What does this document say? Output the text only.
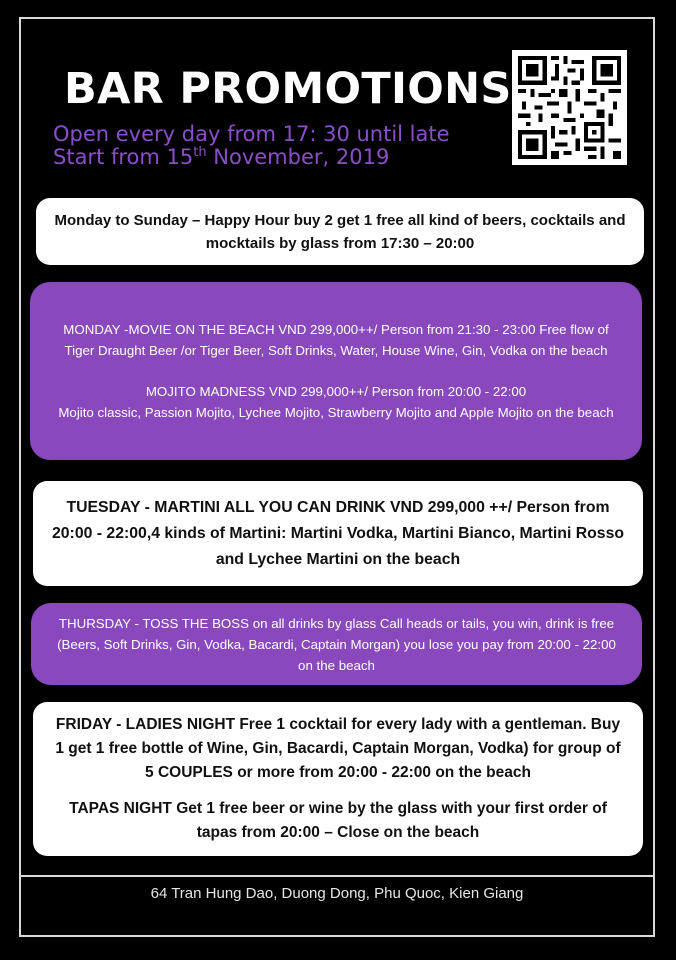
BAR PROMOTIONS
Open every day from 17: 30 until late
Start from 15th November, 2019

Monday to Sunday – Happy Hour buy 2 get 1 free all kind of beers, cocktails and mocktails by glass from 17:30 – 20:00

MONDAY -MOVIE ON THE BEACH VND 299,000++/ Person from 21:30 - 23:00 Free flow of Tiger Draught Beer /or Tiger Beer, Soft Drinks, Water, House Wine, Gin, Vodka on the beach

MOJITO MADNESS VND 299,000++/ Person from 20:00 - 22:00

Mojito classic, Passion Mojito, Lychee Mojito, Strawberry Mojito and Apple Mojito on the beach

TUESDAY - MARTINI ALL YOU CAN DRINK VND 299,000 ++/ Person from 20:00 - 22:00,4 kinds of Martini: Martini Vodka, Martini Bianco, Martini Rosso and Lychee Martini on the beach

THURSDAY - TOSS THE BOSS on all drinks by glass Call heads or tails, you win, drink is free (Beers, Soft Drinks, Gin, Vodka, Bacardi, Captain Morgan) you lose you pay from 20:00 - 22:00 on the beach

FRIDAY - LADIES NIGHT Free 1 cocktail for every lady with a gentleman. Buy 1 get 1 free bottle of Wine, Gin, Bacardi, Captain Morgan, Vodka) for group of 5 COUPLES or more from 20:00 - 22:00 on the beach

TAPAS NIGHT Get 1 free beer or wine by the glass with your first order of tapas from 20:00 – Close on the beach

64 Tran Hung Dao, Duong Dong, Phu Quoc, Kien Giang
